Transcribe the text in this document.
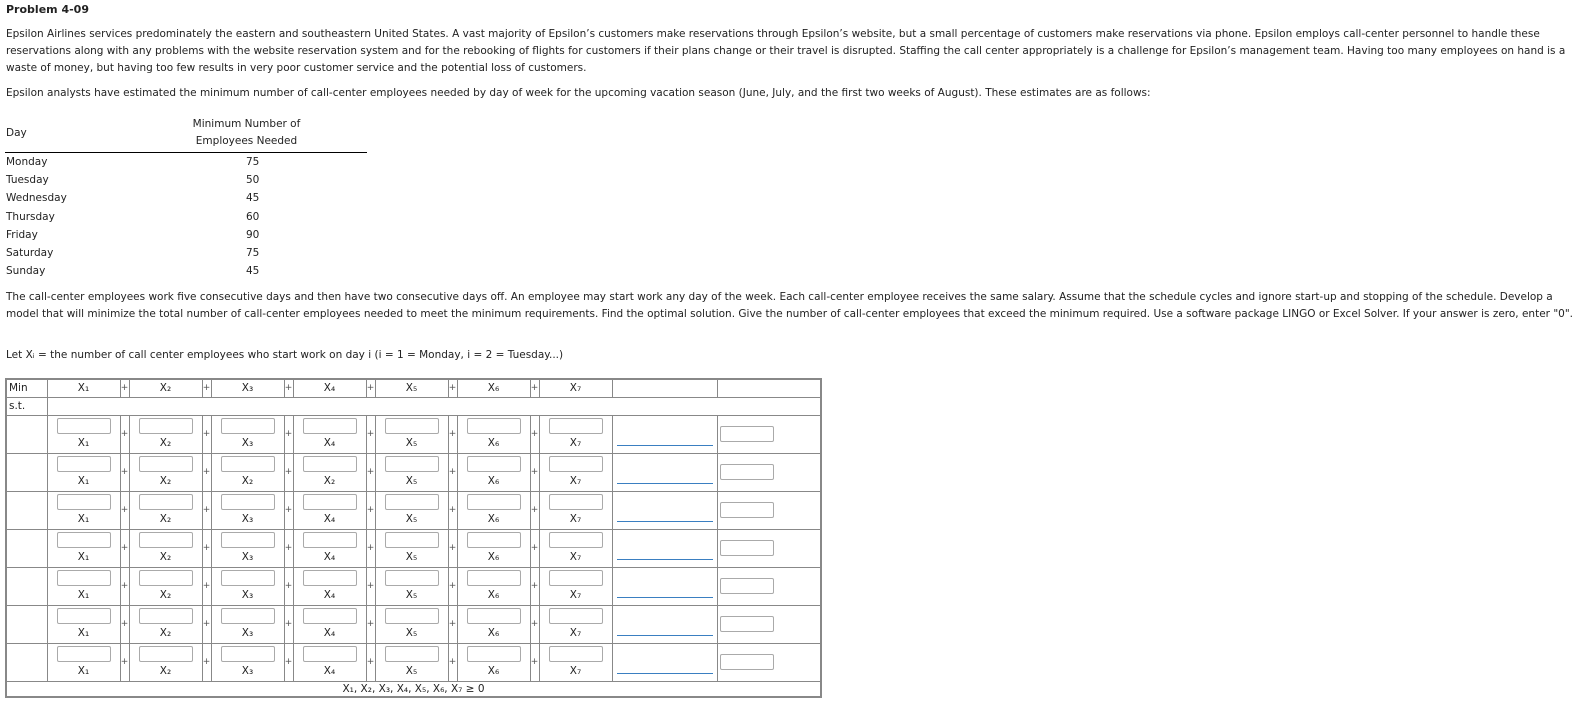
Problem 4-09

Epsilon Airlines services predominately the eastern and southeastern United States. A vast majority of Epsilon’s customers make reservations through Epsilon’s website, but a small percentage of customers make reservations via phone. Epsilon employs call-center personnel to handle these reservations along with any problems with the website reservation system and for the rebooking of flights for customers if their plans change or their travel is disrupted. Staffing the call center appropriately is a challenge for Epsilon’s management team. Having too many employees on hand is a waste of money, but having too few results in very poor customer service and the potential loss of customers.

Epsilon analysts have estimated the minimum number of call-center employees needed by day of week for the upcoming vacation season (June, July, and the first two weeks of August). These estimates are as follows:

Day	Minimum Number of
Employees Needed
Monday	75
Tuesday	50
Wednesday	45
Thursday	60
Friday	90
Saturday	75
Sunday	45

The call-center employees work five consecutive days and then have two consecutive days off. An employee may start work any day of the week. Each call-center employee receives the same salary. Assume that the schedule cycles and ignore start-up and stopping of the schedule. Develop a model that will minimize the total number of call-center employees needed to meet the minimum requirements. Find the optimal solution. Give the number of call-center employees that exceed the minimum required. Use a software package LINGO or Excel Solver. If your answer is zero, enter "0".

Let Xᵢ = the number of call center employees who start work on day i (i = 1 = Monday, i = 2 = Tuesday...)

Min	X₁	+	X₂	+	X₃	+	X₄	+	X₅	+	X₆	+	X₇		
s.t.															

	X₁	+	X₂	+	X₃	+	X₄	+	X₅	+	X₆	+	X₇

	X₁	+	X₂	+	X₂	+	X₂	+	X₅	+	X₆	+	X₇

	X₁	+	X₂	+	X₃	+	X₄	+	X₅	+	X₆	+	X₇

	X₁	+	X₂	+	X₃	+	X₄	+	X₅	+	X₆	+	X₇

	X₁	+	X₂	+	X₃	+	X₄	+	X₅	+	X₆	+	X₇

	X₁	+	X₂	+	X₃	+	X₄	+	X₅	+	X₆	+	X₇

	X₁	+	X₂	+	X₃	+	X₄	+	X₅	+	X₆	+	X₇

X₁, X₂, X₃, X₄, X₅, X₆, X₇ ≥ 0															
